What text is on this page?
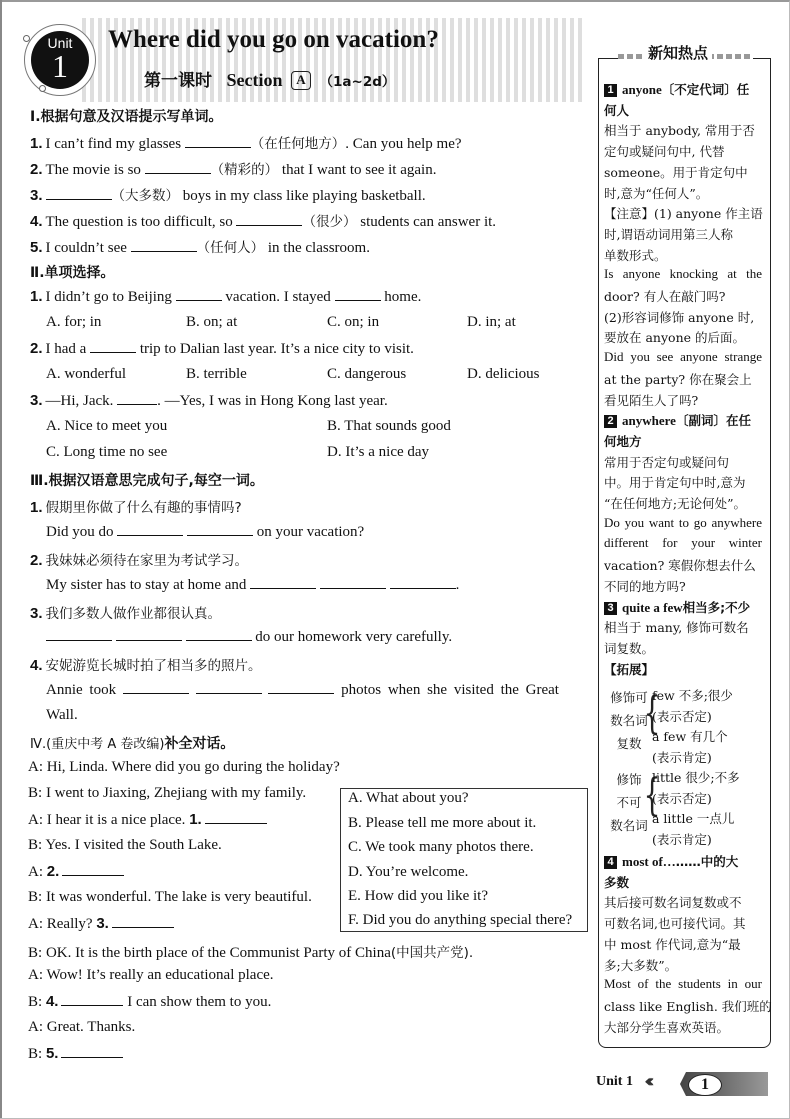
Unit
1
Where did you go on vacation?
第一课时 Section A （1a~2d）
Ⅰ.根据句意及汉语提示写单词。
1. I can’t find my glasses	（在任何地方）. Can you help me?
2. The movie is so	（精彩的） that I want to see it again.
3.	（大多数） boys in my class like playing basketball.
4. The question is too difficult, so	（很少） students can answer it.
5. I couldn’t see	（任何人） in the classroom.
Ⅱ.单项选择。
1. I didn’t go to Beijing	vacation. I stayed	home.
A. for; in	B. on; at	C. on; in	D. in; at
2. I had a	trip to Dalian last year. It’s a nice city to visit.
A. wonderful	B. terrible	C. dangerous	D. delicious
3. —Hi, Jack.	. —Yes, I was in Hong Kong last year.
A. Nice to meet you	B. That sounds good
C. Long time no see	D. It’s a nice day
Ⅲ.根据汉语意思完成句子,每空一词。
1. 假期里你做了什么有趣的事情吗?
Did you do	on your vacation?
2. 我妹妹必须待在家里为考试学习。
My sister has to stay at home and	.
3. 我们多数人做作业都很认真。
do our homework very carefully.
4. 安妮游览长城时拍了相当多的照片。
Annie took	photos when she visited the Great
Wall.
Ⅳ.(重庆中考 A 卷改编)补全对话。
A: Hi, Linda. Where did you go during the holiday?
B: I went to Jiaxing, Zhejiang with my family.
A: I hear it is a nice place. 1.
B: Yes. I visited the South Lake.
A: 2.
B: It was wonderful. The lake is very beautiful.
A: Really? 3.
B: OK. It is the birth place of the Communist Party of China(中国共产党).
A: Wow! It’s really an educational place.
B: 4.	I can show them to you.
A: Great. Thanks.
B: 5.
A. What about you?
B. Please tell me more about it.
C. We took many photos there.
D. You’re welcome.
E. How did you like it?
F. Did you do anything special there?
新知热点
1 anyone〔不定代词〕任
何人
相当于 anybody, 常用于否
定句或疑问句中, 代替
someone。用于肯定句中
时,意为“任何人”。
【注意】(1) anyone 作主语
时,谓语动词用第三人称
单数形式。
Is anyone knocking at the
door? 有人在敲门吗?
(2)形容词修饰 anyone 时,
要放在 anyone 的后面。
Did you see anyone strange
at the party? 你在聚会上
看见陌生人了吗?
2 anywhere〔副词〕在任
何地方
常用于否定句或疑问句
中。用于肯定句中时,意为
“在任何地方;无论何处”。
Do you want to go anywhere
different for your winter
vacation? 寒假你想去什么
不同的地方吗?
3 quite a few相当多;不少
相当于 many, 修饰可数名
词复数。
【拓展】
修饰可
数名词
复数
{
few 不多;很少
(表示否定)
a few 有几个
(表示肯定)
修饰
不可
数名词
{
little 很少;不多
(表示否定)
a little 一点儿
(表示肯定)
4 most of………中的大
多数
其后接可数名词复数或不
可数名词,也可接代词。其
中 most 作代词,意为“最
多;大多数”。
Most of the students in our
class like English. 我们班的
大部分学生喜欢英语。
Unit 1 ‹‹‹‹	1
